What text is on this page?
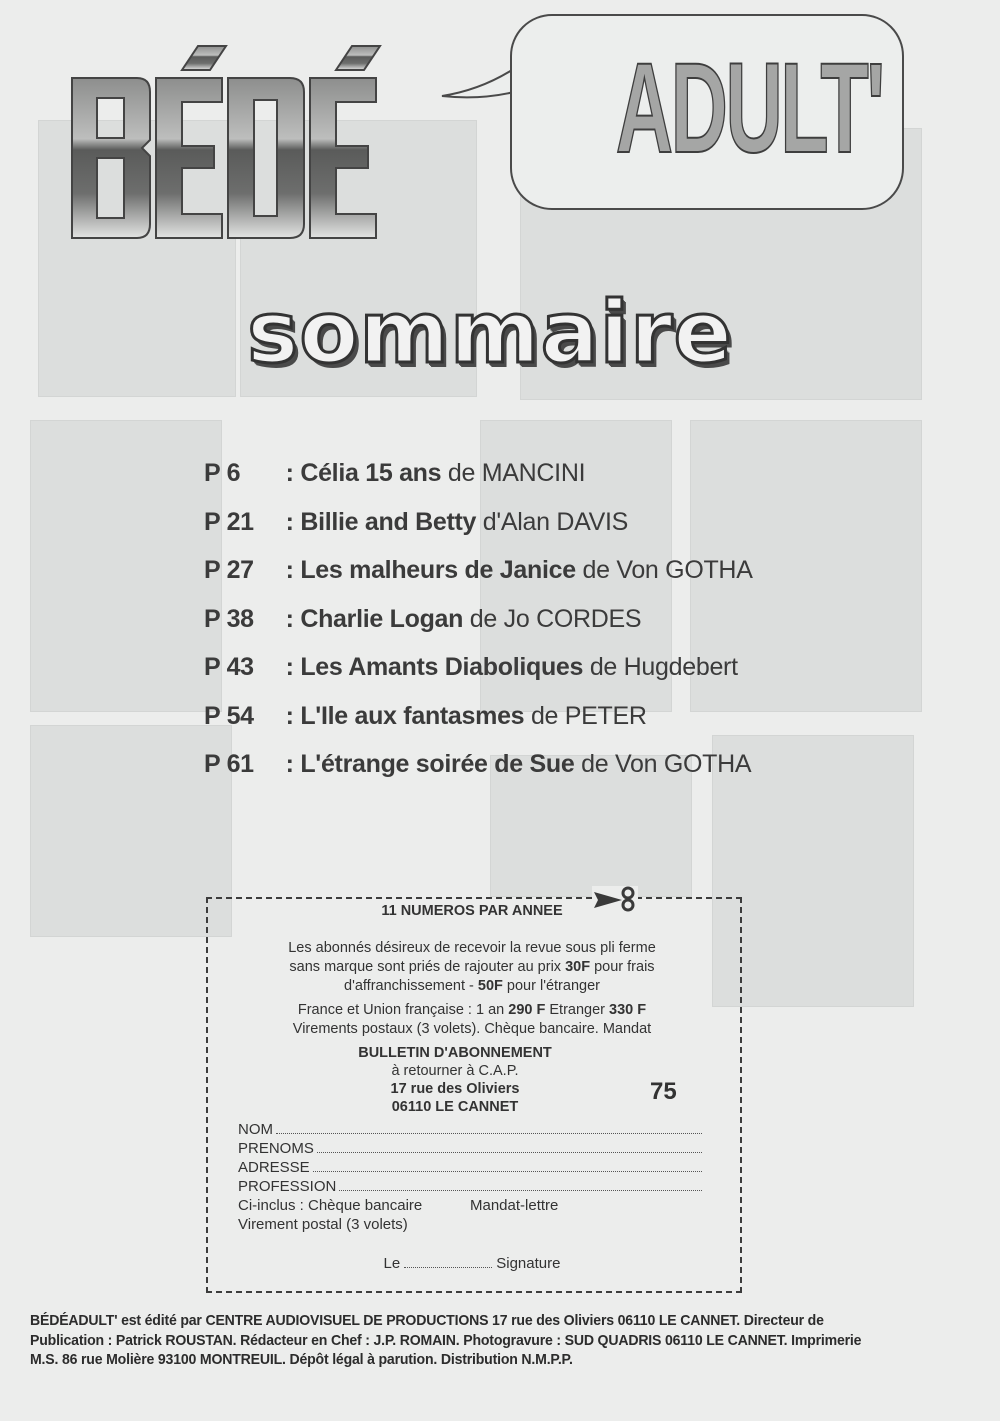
ADULT'
sommaire
P 6 : Célia 15 ans de MANCINI
P 21 : Billie and Betty d'Alan DAVIS
P 27 : Les malheurs de Janice de Von GOTHA
P 38 : Charlie Logan de Jo CORDES
P 43 : Les Amants Diaboliques de Hugdebert
P 54 : L'Ile aux fantasmes de PETER
P 61 : L'étrange soirée de Sue de Von GOTHA
11 NUMEROS PAR ANNEE
Les abonnés désireux de recevoir la revue sous pli ferme
sans marque sont priés de rajouter au prix 30F pour frais
d'affranchissement - 50F pour l'étranger
France et Union française : 1 an 290 F Etranger 330 F
Virements postaux (3 volets). Chèque bancaire. Mandat
BULLETIN D'ABONNEMENT
à retourner à C.A.P.
17 rue des Oliviers
06110 LE CANNET
75
NOM
PRENOMS
ADRESSE
PROFESSION
Ci-inclus : Chèque bancaire	Mandat-lettre
Virement postal (3 volets)
Le	Signature
BÉDÉADULT' est édité par CENTRE AUDIOVISUEL DE PRODUCTIONS 17 rue des Oliviers 06110 LE CANNET. Directeur de Publication : Patrick ROUSTAN. Rédacteur en Chef : J.P. ROMAIN. Photogravure : SUD QUADRIS 06110 LE CANNET. Imprimerie M.S. 86 rue Molière 93100 MONTREUIL. Dépôt légal à parution. Distribution N.M.P.P.
